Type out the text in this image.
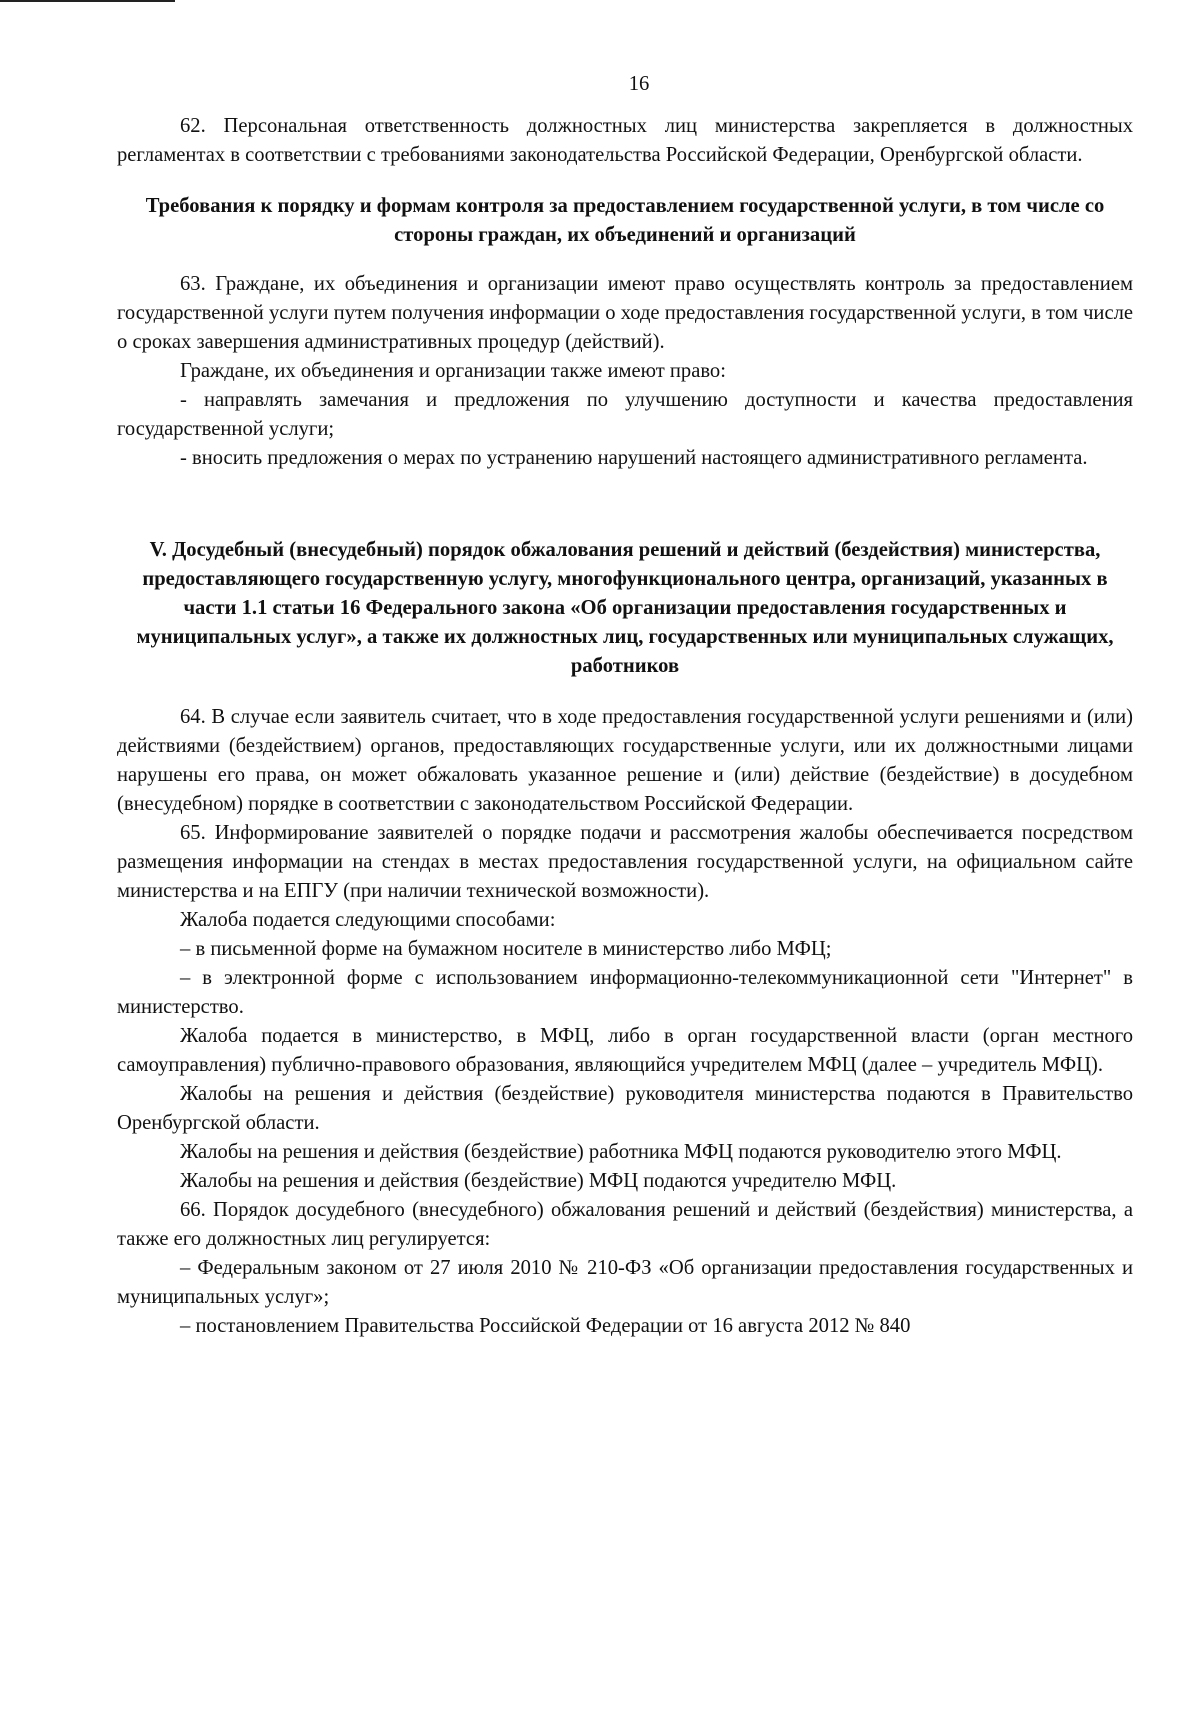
16

62. Персональная ответственность должностных лиц министерства закрепляется в должностных регламентах в соответствии с требованиями законодательства Российской Федерации, Оренбургской области.

Требования к порядку и формам контроля за предоставлением государственной услуги, в том числе со стороны граждан, их объединений и организаций

63. Граждане, их объединения и организации имеют право осуществлять контроль за предоставлением государственной услуги путем получения информации о ходе предоставления государственной услуги, в том числе о сроках завершения административных процедур (действий).

Граждане, их объединения и организации также имеют право:

- направлять замечания и предложения по улучшению доступности и качества предоставления государственной услуги;

- вносить предложения о мерах по устранению нарушений настоящего административного регламента.

V. Досудебный (внесудебный) порядок обжалования решений и действий (бездействия) министерства, предоставляющего государственную услугу, многофункционального центра, организаций, указанных в части 1.1 статьи 16 Федерального закона «Об организации предоставления государственных и муниципальных услуг», а также их должностных лиц, государственных или муниципальных служащих, работников

64. В случае если заявитель считает, что в ходе предоставления государственной услуги решениями и (или) действиями (бездействием) органов, предоставляющих государственные услуги, или их должностными лицами нарушены его права, он может обжаловать указанное решение и (или) действие (бездействие) в досудебном (внесудебном) порядке в соответствии с законодательством Российской Федерации.

65. Информирование заявителей о порядке подачи и рассмотрения жалобы обеспечивается посредством размещения информации на стендах в местах предоставления государственной услуги, на официальном сайте министерства и на ЕПГУ (при наличии технической возможности).

Жалоба подается следующими способами:

– в письменной форме на бумажном носителе в министерство либо МФЦ;

– в электронной форме с использованием информационно-телекоммуникационной сети "Интернет" в министерство.

Жалоба подается в министерство, в МФЦ, либо в орган государственной власти (орган местного самоуправления) публично-правового образования, являющийся учредителем МФЦ (далее – учредитель МФЦ).

Жалобы на решения и действия (бездействие) руководителя министерства подаются в Правительство Оренбургской области.

Жалобы на решения и действия (бездействие) работника МФЦ подаются руководителю этого МФЦ.

Жалобы на решения и действия (бездействие) МФЦ подаются учредителю МФЦ.

66. Порядок досудебного (внесудебного) обжалования решений и действий (бездействия) министерства, а также его должностных лиц регулируется:

– Федеральным законом от 27 июля 2010 № 210-ФЗ «Об организации предоставления государственных и муниципальных услуг»;

– постановлением Правительства Российской Федерации от 16 августа 2012 № 840
